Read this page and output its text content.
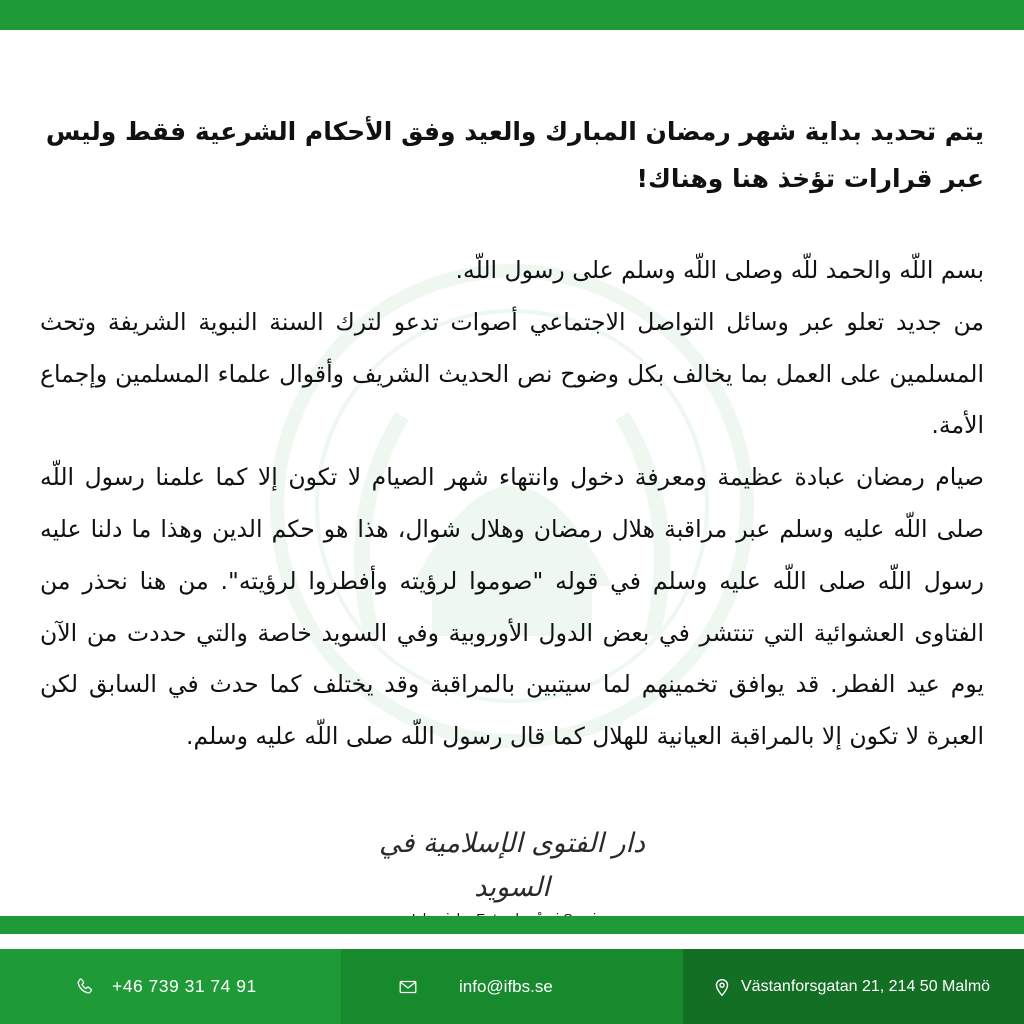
يتم تحديد بداية شهر رمضان المبارك والعيد وفق الأحكام الشرعية فقط وليس عبر قرارات تؤخذ هنا وهناك!

بسم اللّه والحمد للّه وصلى اللّه وسلم على رسول اللّه.

من جديد تعلو عبر وسائل التواصل الاجتماعي أصوات تدعو لترك السنة النبوية الشريفة وتحث المسلمين على العمل بما يخالف بكل وضوح نص الحديث الشريف وأقوال علماء المسلمين وإجماع الأمة.

صيام رمضان عبادة عظيمة ومعرفة دخول وانتهاء شهر الصيام لا تكون إلا كما علمنا رسول اللّه صلى اللّه عليه وسلم عبر مراقبة هلال رمضان وهلال شوال، هذا هو حكم الدين وهذا ما دلنا عليه رسول اللّه صلى اللّه عليه وسلم في قوله "صوموا لرؤيته وأفطروا لرؤيته". من هنا نحذر من الفتاوى العشوائية التي تنتشر في بعض الدول الأوروبية وفي السويد خاصة والتي حددت من الآن يوم عيد الفطر. قد يوافق تخمينهم لما سيتبين بالمراقبة وقد يختلف كما حدث في السابق لكن العبرة لا تكون إلا بالمراقبة العيانية للهلال كما قال رسول اللّه صلى اللّه عليه وسلم.

دار الفتوى الإسلامية في السويد
+46 739 31 74 91	info@ifbs.se	Västanforsgatan 21, 214 50 Malmö
